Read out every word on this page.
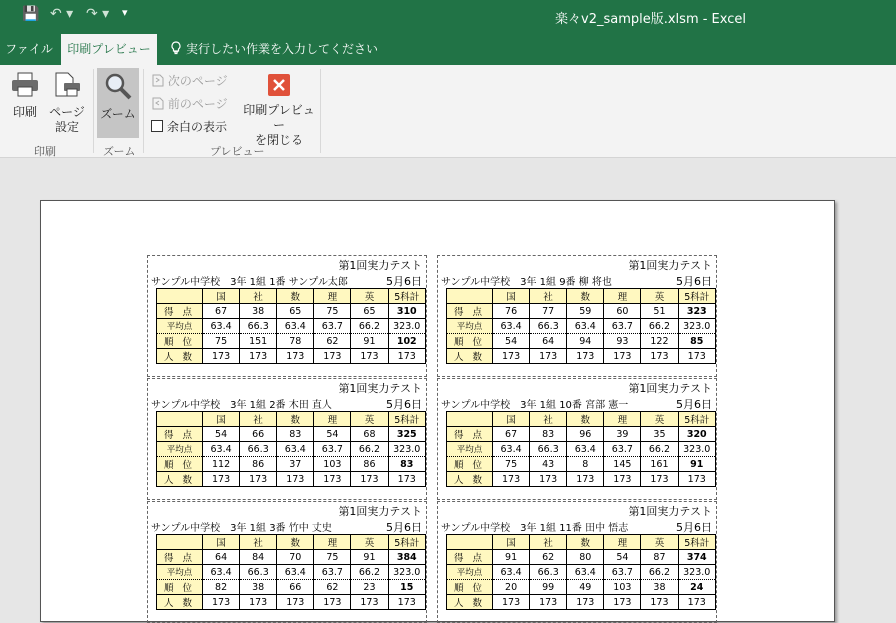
💾 ↶ ▾ ↷ ▾ ▾	楽々v2_sample版.xlsm - Excel
ファイル	印刷プレビュー	実行したい作業を入力してください
印刷	ページ
設定
ズーム
次のページ
前のページ
余白の表示
印刷プレビュー
を閉じる
印刷	ズーム	プレビュー
第1回実力テスト
サンプル中学校　 3年 1組 1番 サンプル太郎	5月6日
	国	社	数	理	英	5科計
得 点	67	38	65	75	65	310
平均点	63.4	66.3	63.4	63.7	66.2	323.0
順 位	75	151	78	62	91	102
人 数	173	173	173	173	173	173
第1回実力テスト
サンプル中学校　 3年 1組 9番 柳 将也	5月6日
	国	社	数	理	英	5科計
得 点	76	77	59	60	51	323
平均点	63.4	66.3	63.4	63.7	66.2	323.0
順 位	54	64	94	93	122	85
人 数	173	173	173	173	173	173
第1回実力テスト
サンプル中学校　 3年 1組 2番 木田 直人	5月6日
	国	社	数	理	英	5科計
得 点	54	66	83	54	68	325
平均点	63.4	66.3	63.4	63.7	66.2	323.0
順 位	112	86	37	103	86	83
人 数	173	173	173	173	173	173
第1回実力テスト
サンプル中学校　 3年 1組 10番 宮部 憲一	5月6日
	国	社	数	理	英	5科計
得 点	67	83	96	39	35	320
平均点	63.4	66.3	63.4	63.7	66.2	323.0
順 位	75	43	8	145	161	91
人 数	173	173	173	173	173	173
第1回実力テスト
サンプル中学校　 3年 1組 3番 竹中 丈史	5月6日
	国	社	数	理	英	5科計
得 点	64	84	70	75	91	384
平均点	63.4	66.3	63.4	63.7	66.2	323.0
順 位	82	38	66	62	23	15
人 数	173	173	173	173	173	173
第1回実力テスト
サンプル中学校　 3年 1組 11番 田中 悟志	5月6日
	国	社	数	理	英	5科計
得 点	91	62	80	54	87	374
平均点	63.4	66.3	63.4	63.7	66.2	323.0
順 位	20	99	49	103	38	24
人 数	173	173	173	173	173	173
